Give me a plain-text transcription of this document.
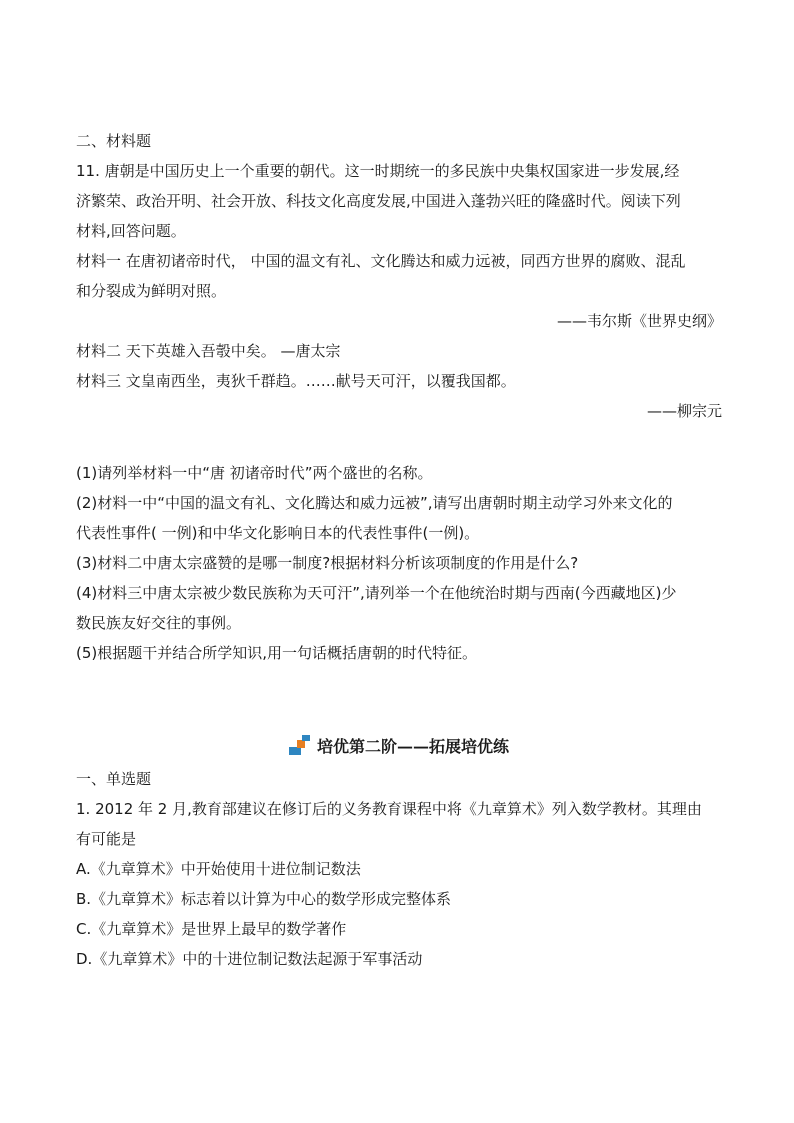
二、材料题
11. 唐朝是中国历史上一个重要的朝代。这一时期统一的多民族中央集权国家进一步发展,经
济繁荣、政治开明、社会开放、科技文化高度发展,中国进入蓬勃兴旺的隆盛时代。阅读下列
材料,回答问题。
材料一 在唐初诸帝时代， 中国的温文有礼、文化腾达和威力远被，同西方世界的腐败、混乱
和分裂成为鲜明对照。
——韦尔斯《世界史纲》
材料二 天下英雄入吾彀中矣。 —唐太宗
材料三 文皇南西坐，夷狄千群趋。……献号天可汗，以覆我国都。
——柳宗元
(1)请列举材料一中“唐 初诸帝时代”两个盛世的名称。
(2)材料一中“中国的温文有礼、文化腾达和威力远被”,请写出唐朝时期主动学习外来文化的
代表性事件( 一例)和中华文化影响日本的代表性事件(一例)。
(3)材料二中唐太宗盛赞的是哪一制度?根据材料分析该项制度的作用是什么?
(4)材料三中唐太宗被少数民族称为天可汗”,请列举一个在他统治时期与西南(今西藏地区)少
数民族友好交往的事例。
(5)根据题干并结合所学知识,用一句话概括唐朝的时代特征。
培优第二阶——拓展培优练
一、单选题
1. 2012 年 2 月,教育部建议在修订后的义务教育课程中将《九章算术》列入数学教材。其理由
有可能是
A.《九章算术》中开始使用十进位制记数法
B.《九章算术》标志着以计算为中心的数学形成完整体系
C.《九章算术》是世界上最早的数学著作
D.《九章算术》中的十进位制记数法起源于军事活动
